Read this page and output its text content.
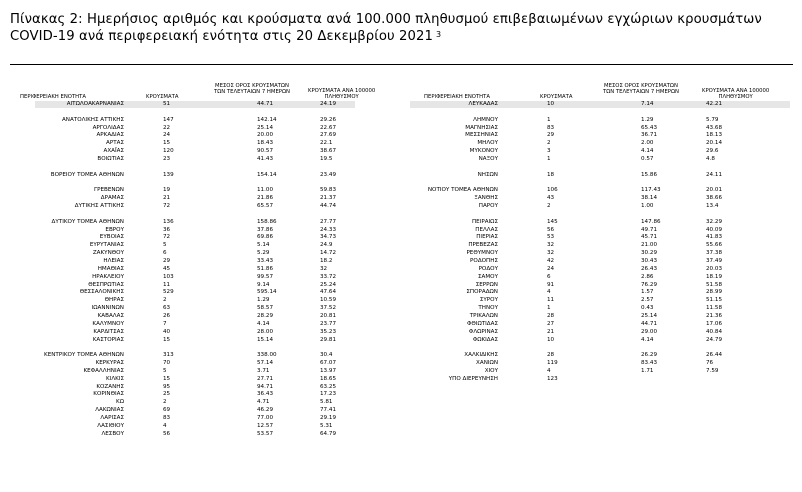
Πίνακας 2: Ημερήσιος αριθμός και κρούσματα ανά 100.000 πληθυσμού επιβεβαιωμένων εγχώριων κρουσμάτων
COVID-19 ανά περιφερειακή ενότητα στις 20 Δεκεμβρίου 2021 $^3$
ΠΕΡΙΦΕΡΕΙΑΚΗ ΕΝΟΤΗΤΑ	ΚΡΟΥΣΜΑΤΑ
ΜΕΣΟΣ ΟΡΟΣ ΚΡΟΥΣΜΑΤΩΝ
ΤΩΝ ΤΕΛΕΥΤΑΙΩΝ 7 ΗΜΕΡΩΝ	ΚΡΟΥΣΜΑΤΑ ΑΝΑ 100000
ΠΛΗΘΥΣΜΟΥ	ΠΕΡΙΦΕΡΕΙΑΚΗ ΕΝΟΤΗΤΑ	ΚΡΟΥΣΜΑΤΑ
ΜΕΣΟΣ ΟΡΟΣ ΚΡΟΥΣΜΑΤΩΝ
ΤΩΝ ΤΕΛΕΥΤΑΙΩΝ 7 ΗΜΕΡΩΝ	ΚΡΟΥΣΜΑΤΑ ΑΝΑ 100000
ΠΛΗΘΥΣΜΟΥ
ΑΙΤΩΛΟΑΚΑΡΝΑΝΙΑΣ	51	44.71	24.19
ΑΝΑΤΟΛΙΚΗΣ ΑΤΤΙΚΗΣ	147	142.14	29.26
ΑΡΓΟΛΙΔΑΣ	22	25.14	22.67
ΑΡΚΑΔΙΑΣ	24	20.00	27.69
ΑΡΤΑΣ	15	18.43	22.1
ΑΧΑΪΑΣ	120	90.57	38.67
ΒΟΙΩΤΙΑΣ	23	41.43	19.5
ΒΟΡΕΙΟΥ ΤΟΜΕΑ ΑΘΗΝΩΝ	139	154.14	23.49
ΓΡΕΒΕΝΩΝ	19	11.00	59.83
ΔΡΑΜΑΣ	21	21.86	21.37
ΔΥΤΙΚΗΣ ΑΤΤΙΚΗΣ	72	65.57	44.74
ΔΥΤΙΚΟΥ ΤΟΜΕΑ ΑΘΗΝΩΝ	136	158.86	27.77
ΕΒΡΟΥ	36	37.86	24.33
ΕΥΒΟΙΑΣ	72	69.86	34.73
ΕΥΡΥΤΑΝΙΑΣ	5	5.14	24.9
ΖΑΚΥΝΘΟΥ	6	5.29	14.72
ΗΛΕΙΑΣ	29	33.43	18.2
ΗΜΑΘΙΑΣ	45	51.86	32
ΗΡΑΚΛΕΙΟΥ	103	99.57	33.72
ΘΕΣΠΡΩΤΙΑΣ	11	9.14	25.24
ΘΕΣΣΑΛΟΝΙΚΗΣ	529	595.14	47.64
ΘΗΡΑΣ	2	1.29	10.59
ΙΩΑΝΝΙΝΩΝ	63	58.57	37.52
ΚΑΒΑΛΑΣ	26	28.29	20.81
ΚΑΛΥΜΝΟΥ	7	4.14	23.77
ΚΑΡΔΙΤΣΑΣ	40	28.00	35.23
ΚΑΣΤΟΡΙΑΣ	15	15.14	29.81
ΚΕΝΤΡΙΚΟΥ ΤΟΜΕΑ ΑΘΗΝΩΝ	313	338.00	30.4
ΚΕΡΚΥΡΑΣ	70	57.14	67.07
ΚΕΦΑΛΛΗΝΙΑΣ	5	3.71	13.97
ΚΙΛΚΙΣ	15	27.71	18.65
ΚΟΖΑΝΗΣ	95	94.71	63.25
ΚΟΡΙΝΘΙΑΣ	25	36.43	17.23
ΚΩ	2	4.71	5.81
ΛΑΚΩΝΙΑΣ	69	46.29	77.41
ΛΑΡΙΣΑΣ	83	77.00	29.19
ΛΑΣΙΘΙΟΥ	4	12.57	5.31
ΛΕΣΒΟΥ	56	53.57	64.79
ΛΕΥΚΑΔΑΣ	10	7.14	42.21
ΛΗΜΝΟΥ	1	1.29	5.79
ΜΑΓΝΗΣΙΑΣ	83	65.43	43.68
ΜΕΣΣΗΝΙΑΣ	29	36.71	18.13
ΜΗΛΟΥ	2	2.00	20.14
ΜΥΚΟΝΟΥ	3	4.14	29.6
ΝΑΞΟΥ	1	0.57	4.8
ΝΗΣΩΝ	18	15.86	24.11
ΝΟΤΙΟΥ ΤΟΜΕΑ ΑΘΗΝΩΝ	106	117.43	20.01
ΞΑΝΘΗΣ	43	38.14	38.66
ΠΑΡΟΥ	2	1.00	13.4
ΠΕΙΡΑΙΩΣ	145	147.86	32.29
ΠΕΛΛΑΣ	56	49.71	40.09
ΠΙΕΡΙΑΣ	53	45.71	41.83
ΠΡΕΒΕΖΑΣ	32	21.00	55.66
ΡΕΘΥΜΝΟΥ	32	30.29	37.38
ΡΟΔΟΠΗΣ	42	30.43	37.49
ΡΟΔΟΥ	24	26.43	20.03
ΣΑΜΟΥ	6	2.86	18.19
ΣΕΡΡΩΝ	91	76.29	51.58
ΣΠΟΡΑΔΩΝ	4	1.57	28.99
ΣΥΡΟΥ	11	2.57	51.15
ΤΗΝΟΥ	1	0.43	11.58
ΤΡΙΚΑΛΩΝ	28	25.14	21.36
ΦΘΙΩΤΙΔΑΣ	27	44.71	17.06
ΦΛΩΡΙΝΑΣ	21	29.00	40.84
ΦΩΚΙΔΑΣ	10	4.14	24.79
ΧΑΛΚΙΔΙΚΗΣ	28	26.29	26.44
ΧΑΝΙΩΝ	119	83.43	76
ΧΙΟΥ	4	1.71	7.59
ΥΠΟ ΔΙΕΡΕΥΝΗΣΗ	123
